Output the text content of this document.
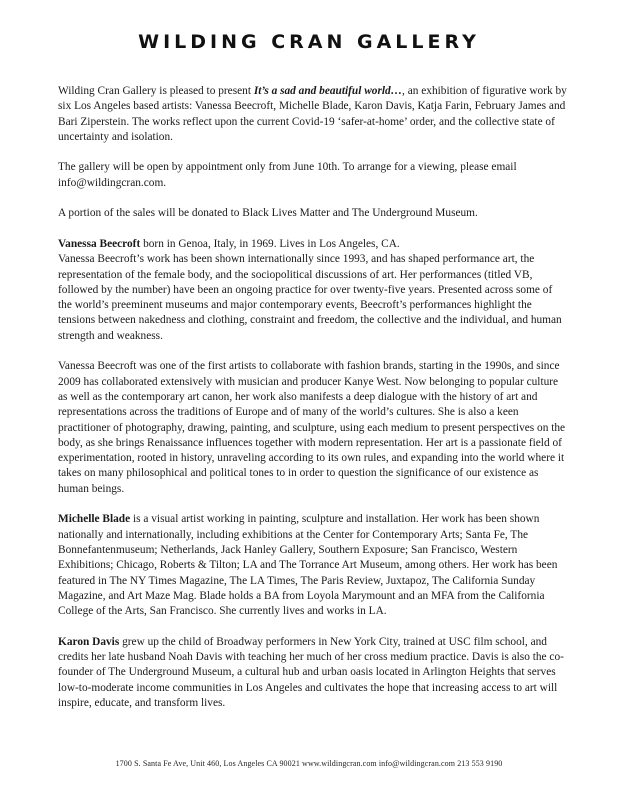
WILDING CRAN GALLERY

Wilding Cran Gallery is pleased to present It’s a sad and beautiful world…, an exhibition of figurative work by six Los Angeles based artists: Vanessa Beecroft, Michelle Blade, Karon Davis, Katja Farin, February James and Bari Ziperstein. The works reflect upon the current Covid-19 ‘safer-at-home’ order, and the collective state of uncertainty and isolation.

The gallery will be open by appointment only from June 10th. To arrange for a viewing, please email info@wildingcran.com.

A portion of the sales will be donated to Black Lives Matter and The Underground Museum.

Vanessa Beecroft born in Genoa, Italy, in 1969. Lives in Los Angeles, CA.
Vanessa Beecroft’s work has been shown internationally since 1993, and has shaped performance art, the representation of the female body, and the sociopolitical discussions of art. Her performances (titled VB, followed by the number) have been an ongoing practice for over twenty-five years. Presented across some of the world’s preeminent museums and major contemporary events, Beecroft’s performances highlight the tensions between nakedness and clothing, constraint and freedom, the collective and the individual, and human strength and weakness.

Vanessa Beecroft was one of the first artists to collaborate with fashion brands, starting in the 1990s, and since 2009 has collaborated extensively with musician and producer Kanye West. Now belonging to popular culture as well as the contemporary art canon, her work also manifests a deep dialogue with the history of art and representations across the traditions of Europe and of many of the world’s cultures. She is also a keen practitioner of photography, drawing, painting, and sculpture, using each medium to present perspectives on the body, as she brings Renaissance influences together with modern representation. Her art is a passionate field of experimentation, rooted in history, unraveling according to its own rules, and expanding into the world where it takes on many philosophical and political tones to in order to question the significance of our existence as human beings.

Michelle Blade is a visual artist working in painting, sculpture and installation. Her work has been shown nationally and internationally, including exhibitions at the Center for Contemporary Arts; Santa Fe, The Bonnefantenmuseum; Netherlands, Jack Hanley Gallery, Southern Exposure; San Francisco, Western Exhibitions; Chicago, Roberts & Tilton; LA and The Torrance Art Museum, among others. Her work has been featured in The NY Times Magazine, The LA Times, The Paris Review, Juxtapoz, The California Sunday Magazine, and Art Maze Mag. Blade holds a BA from Loyola Marymount and an MFA from the California College of the Arts, San Francisco. She currently lives and works in LA.

Karon Davis grew up the child of Broadway performers in New York City, trained at USC film school, and credits her late husband Noah Davis with teaching her much of her cross medium practice. Davis is also the co-founder of The Underground Museum, a cultural hub and urban oasis located in Arlington Heights that serves low-to-moderate income communities in Los Angeles and cultivates the hope that increasing access to art will inspire, educate, and transform lives.

1700 S. Santa Fe Ave, Unit 460, Los Angeles CA 90021 www.wildingcran.com info@wildingcran.com 213 553 9190
